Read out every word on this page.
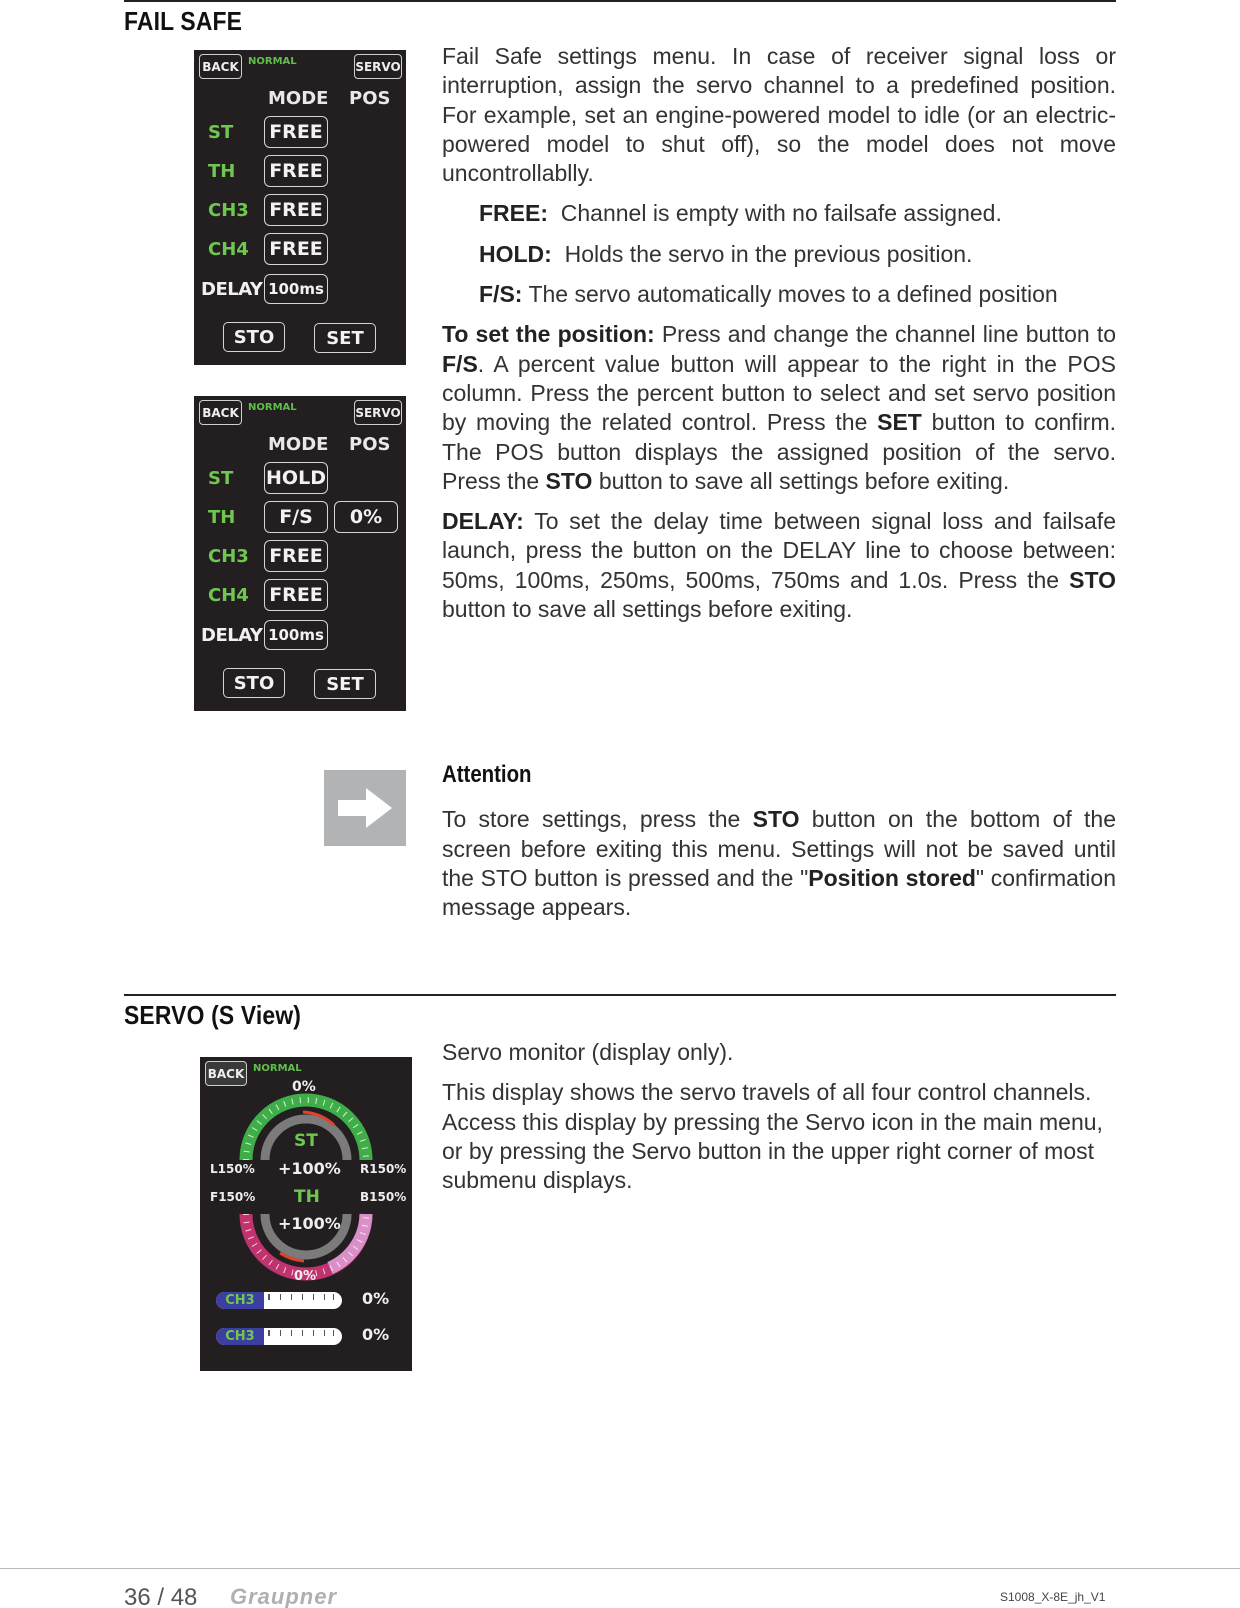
FAIL SAFE
BACK NORMAL	SERVO
MODE POS
ST FREE
TH FREE
CH3 FREE
CH4 FREE
DELAY 100ms
STO	SET
BACK NORMAL	SERVO
MODE POS
ST HOLD
TH	F/S	0%
CH3 FREE
CH4 FREE
DELAY 100ms
STO	SET

Fail Safe settings menu. In case of receiver signal loss or interruption, assign the servo channel to a predefined position. For example, set an engine-powered model to idle (or an electric-powered model to shut off), so the model does not move uncontrollablly.

FREE: Channel is empty with no failsafe assigned.

HOLD: Holds the servo in the previous position.

F/S: The servo automatically moves to a defined position

To set the position: Press and change the channel line button to F/S. A percent value button will appear to the right in the POS column. Press the percent button to select and set servo position by moving the related control. Press the SET button to confirm. The POS button displays the assigned position of the servo. Press the STO button to save all settings before exiting.

DELAY: To set the delay time between signal loss and failsafe launch, press the button on the DELAY line to choose between: 50ms, 100ms, 250ms, 500ms, 750ms and 1.0s. Press the STO button to save all settings before exiting.

Attention

To store settings, press the STO button on the bottom of the screen before exiting this menu. Settings will not be saved until the STO button is pressed and the "Position stored" confirmation message appears.

SERVO (S View)
BACK NORMAL
0%
ST
+100%
L150%	R150%
F150%	B150%
TH
+100%
0%
CH3	0%
CH3	0%

Servo monitor (display only).

This display shows the servo travels of all four control channels. Access this display by pressing the Servo icon in the main menu, or by pressing the Servo button in the upper right corner of most submenu displays.

36 / 48 Graupner	S1008_X-8E_jh_V1
